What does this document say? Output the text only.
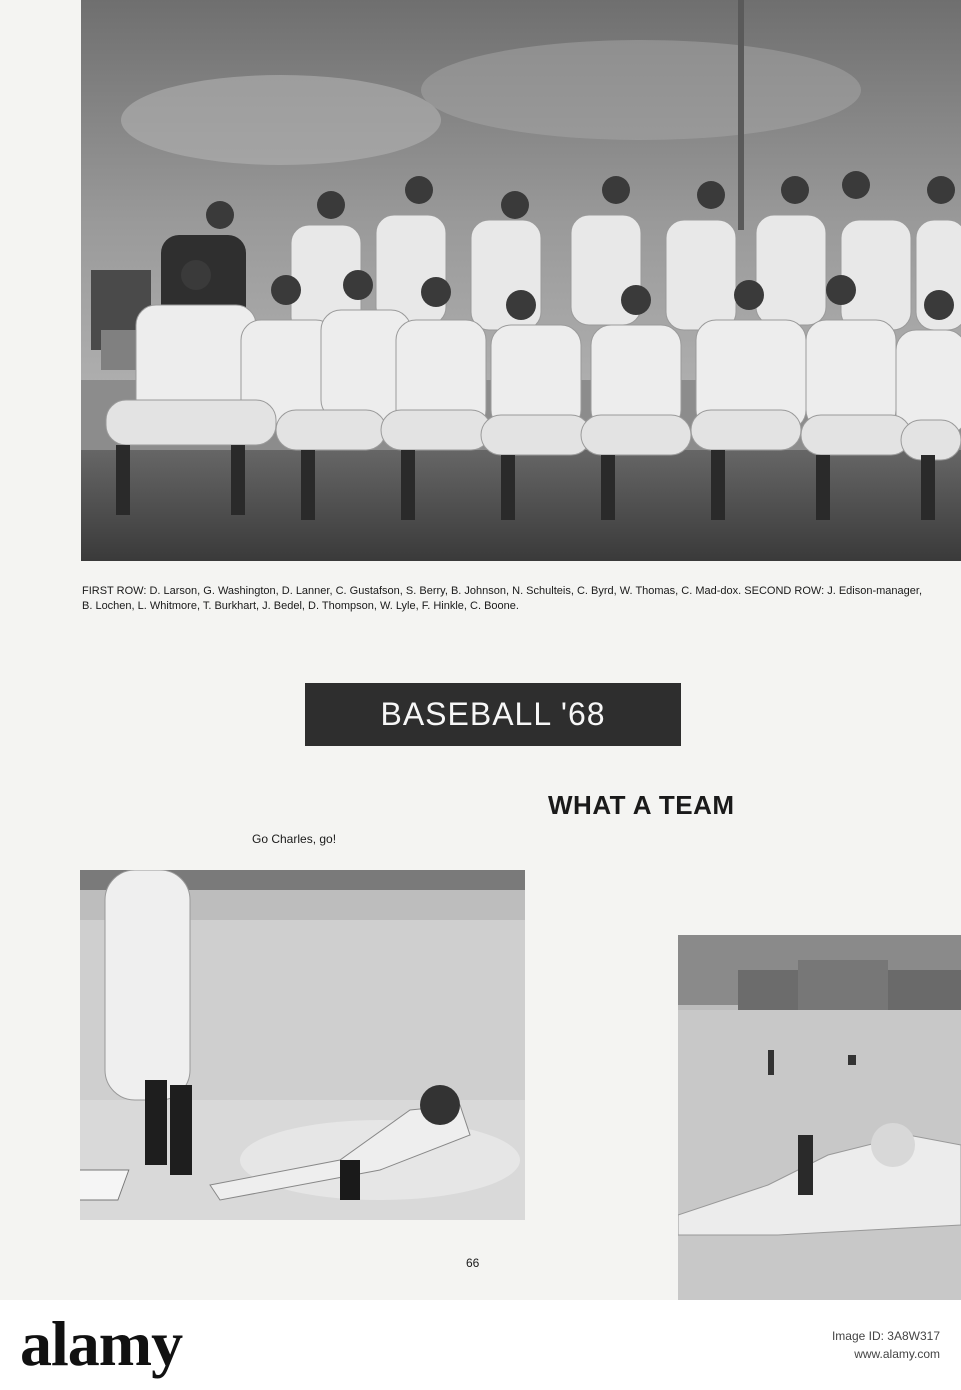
FIRST ROW: D. Larson, G. Washington, D. Lanner, C. Gustafson, S. Berry, B. Johnson, N. Schulteis, C. Byrd, W. Thomas, C. Mad-dox. SECOND ROW: J. Edison-manager, B. Lochen, L. Whitmore, T. Burkhart, J. Bedel, D. Thompson, W. Lyle, F. Hinkle, C. Boone.

BASEBALL '68
WHAT A TEAM

Go Charles, go!

66

alamy	Image ID: 3A8W317
www.alamy.com
